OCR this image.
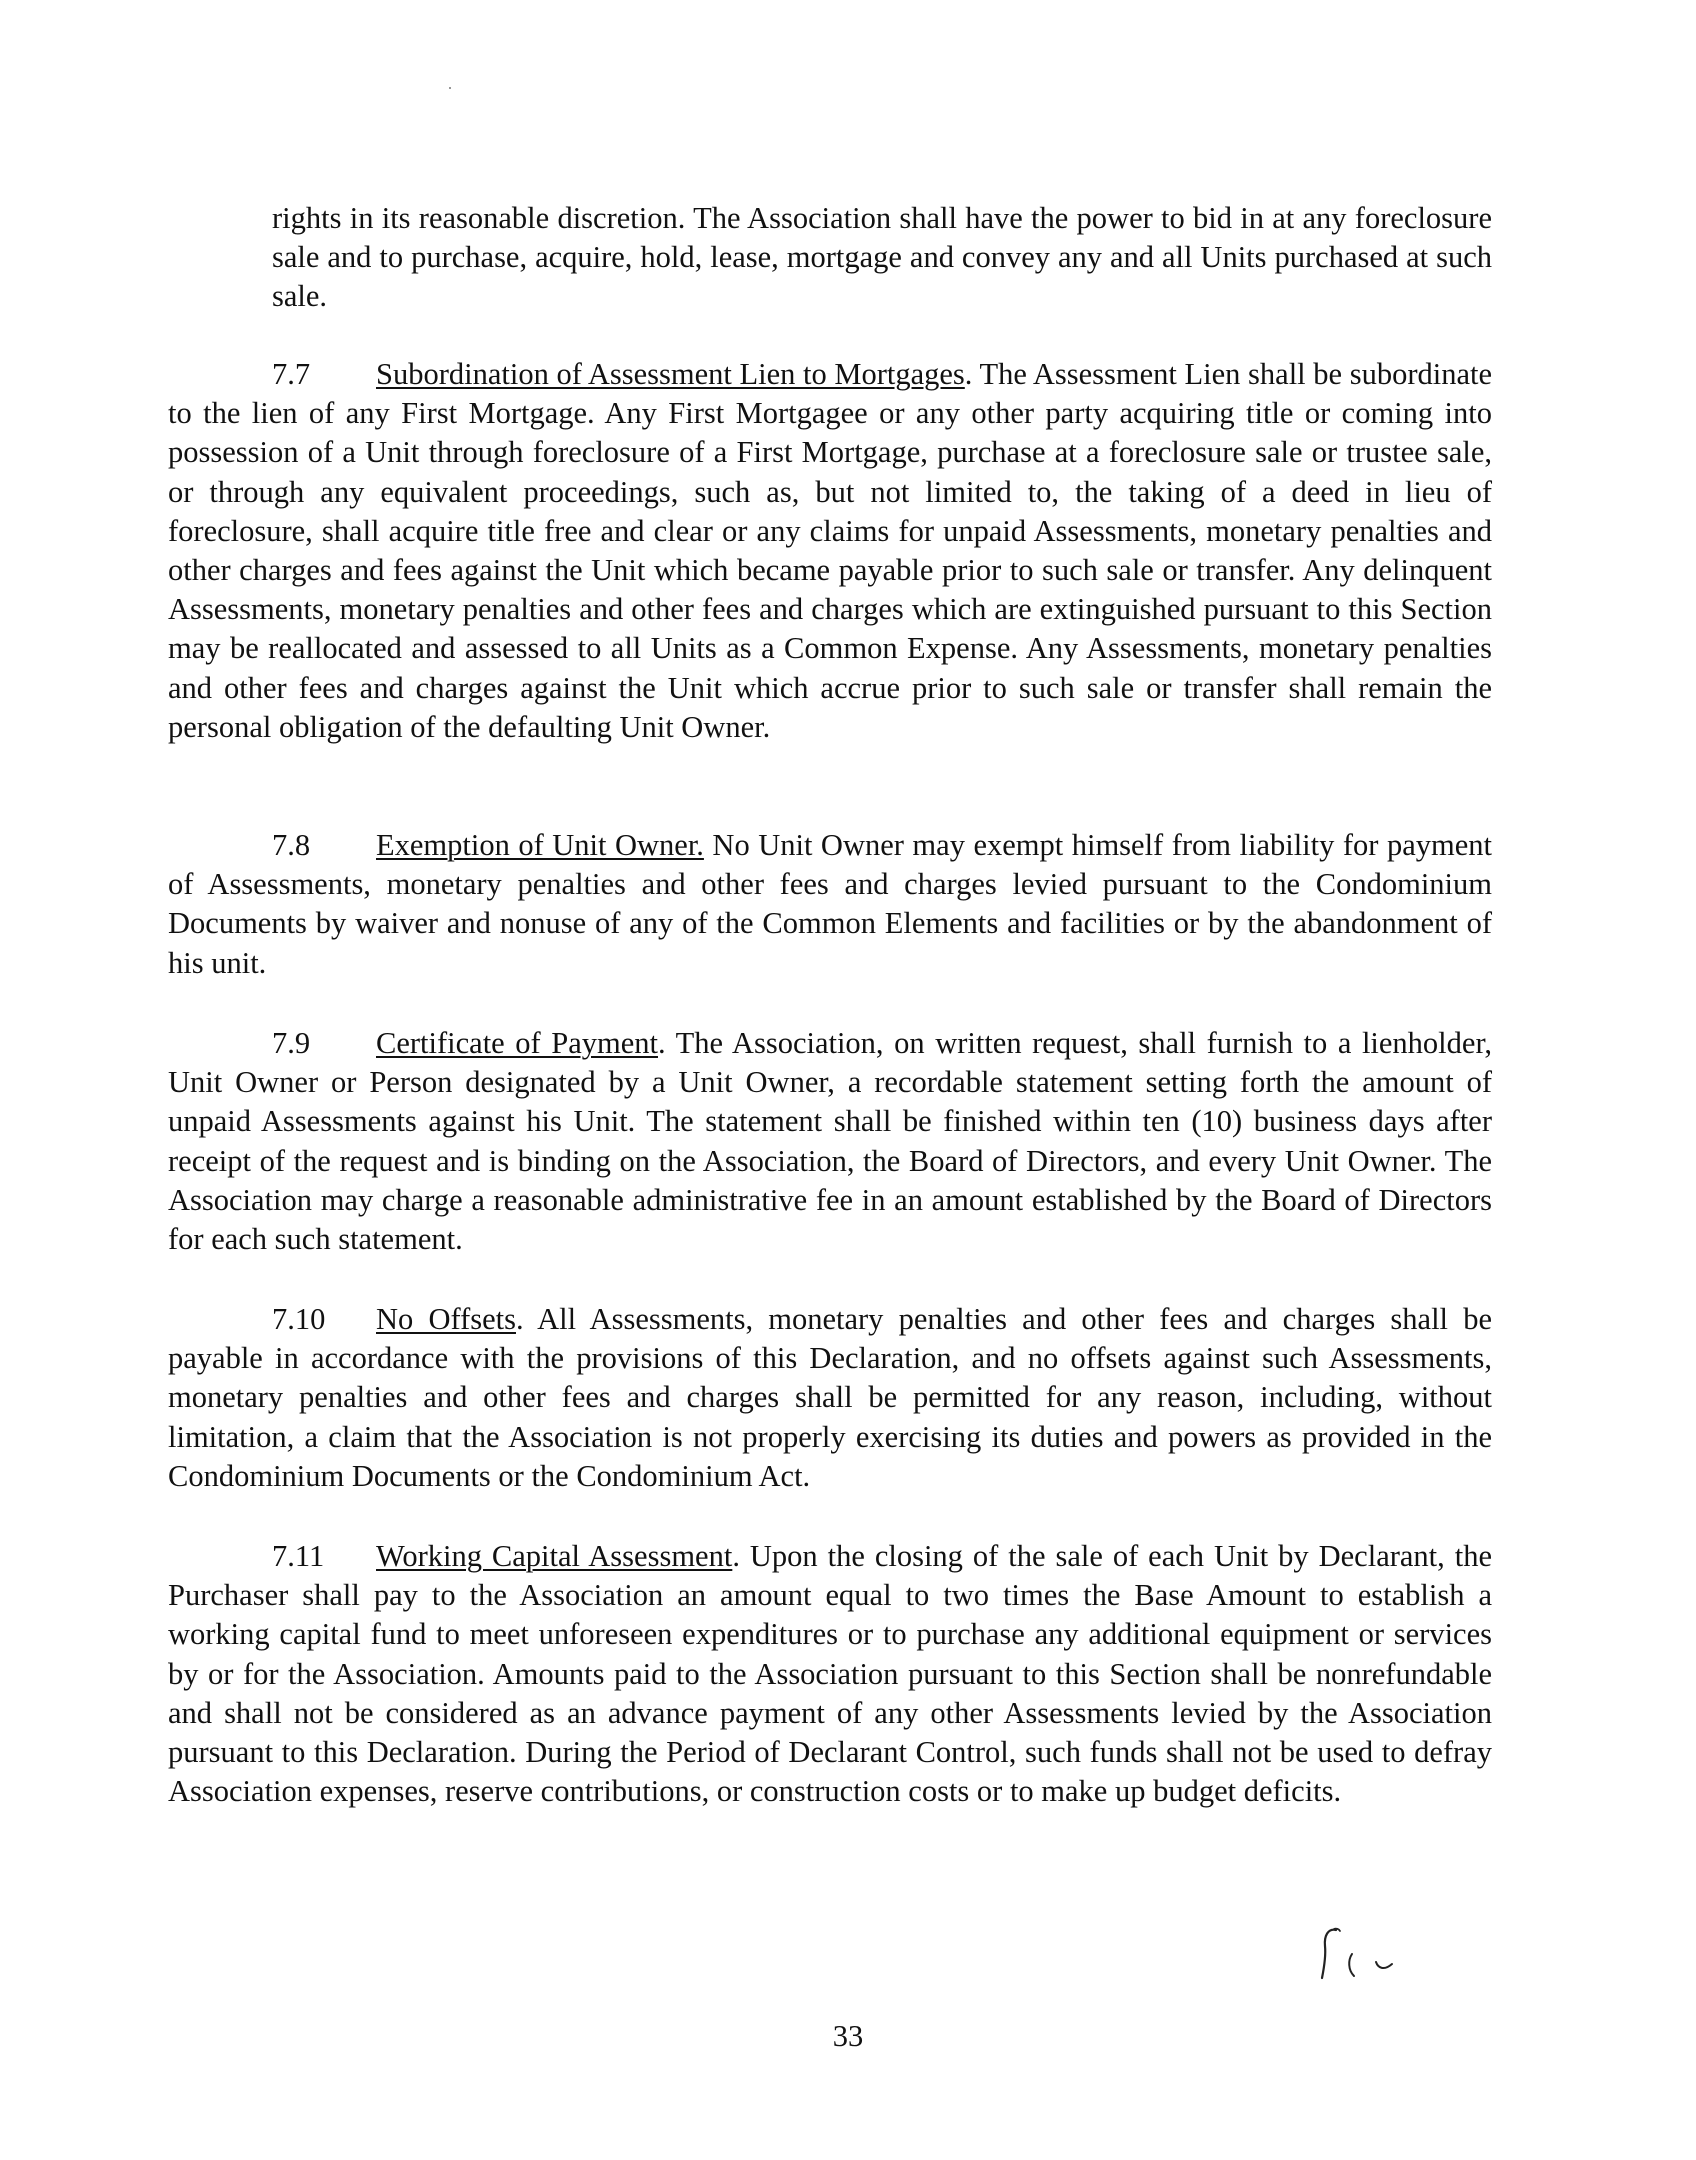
rights in its reasonable discretion. The Association shall have the power to bid in at any foreclosure sale and to purchase, acquire, hold, lease, mortgage and convey any and all Units purchased at such sale.

7.7 Subordination of Assessment Lien to Mortgages. The Assessment Lien shall be subordinate to the lien of any First Mortgage. Any First Mortgagee or any other party acquiring title or coming into possession of a Unit through foreclosure of a First Mortgage, purchase at a foreclosure sale or trustee sale, or through any equivalent proceedings, such as, but not limited to, the taking of a deed in lieu of foreclosure, shall acquire title free and clear or any claims for unpaid Assessments, monetary penalties and other charges and fees against the Unit which became payable prior to such sale or transfer. Any delinquent Assessments, monetary penalties and other fees and charges which are extinguished pursuant to this Section may be reallocated and assessed to all Units as a Common Expense. Any Assessments, monetary penalties and other fees and charges against the Unit which accrue prior to such sale or transfer shall remain the personal obligation of the defaulting Unit Owner.

7.8 Exemption of Unit Owner. No Unit Owner may exempt himself from liability for payment of Assessments, monetary penalties and other fees and charges levied pursuant to the Condominium Documents by waiver and nonuse of any of the Common Elements and facilities or by the abandonment of his unit.

7.9 Certificate of Payment. The Association, on written request, shall furnish to a lienholder, Unit Owner or Person designated by a Unit Owner, a recordable statement setting forth the amount of unpaid Assessments against his Unit. The statement shall be finished within ten (10) business days after receipt of the request and is binding on the Association, the Board of Directors, and every Unit Owner. The Association may charge a reasonable administrative fee in an amount established by the Board of Directors for each such statement.

7.10 No Offsets. All Assessments, monetary penalties and other fees and charges shall be payable in accordance with the provisions of this Declaration, and no offsets against such Assessments, monetary penalties and other fees and charges shall be permitted for any reason, including, without limitation, a claim that the Association is not properly exercising its duties and powers as provided in the Condominium Documents or the Condominium Act.

7.11 Working Capital Assessment. Upon the closing of the sale of each Unit by Declarant, the Purchaser shall pay to the Association an amount equal to two times the Base Amount to establish a working capital fund to meet unforeseen expenditures or to purchase any additional equipment or services by or for the Association. Amounts paid to the Association pursuant to this Section shall be nonrefundable and shall not be considered as an advance payment of any other Assessments levied by the Association pursuant to this Declaration. During the Period of Declarant Control, such funds shall not be used to defray Association expenses, reserve contributions, or construction costs or to make up budget deficits.

33
